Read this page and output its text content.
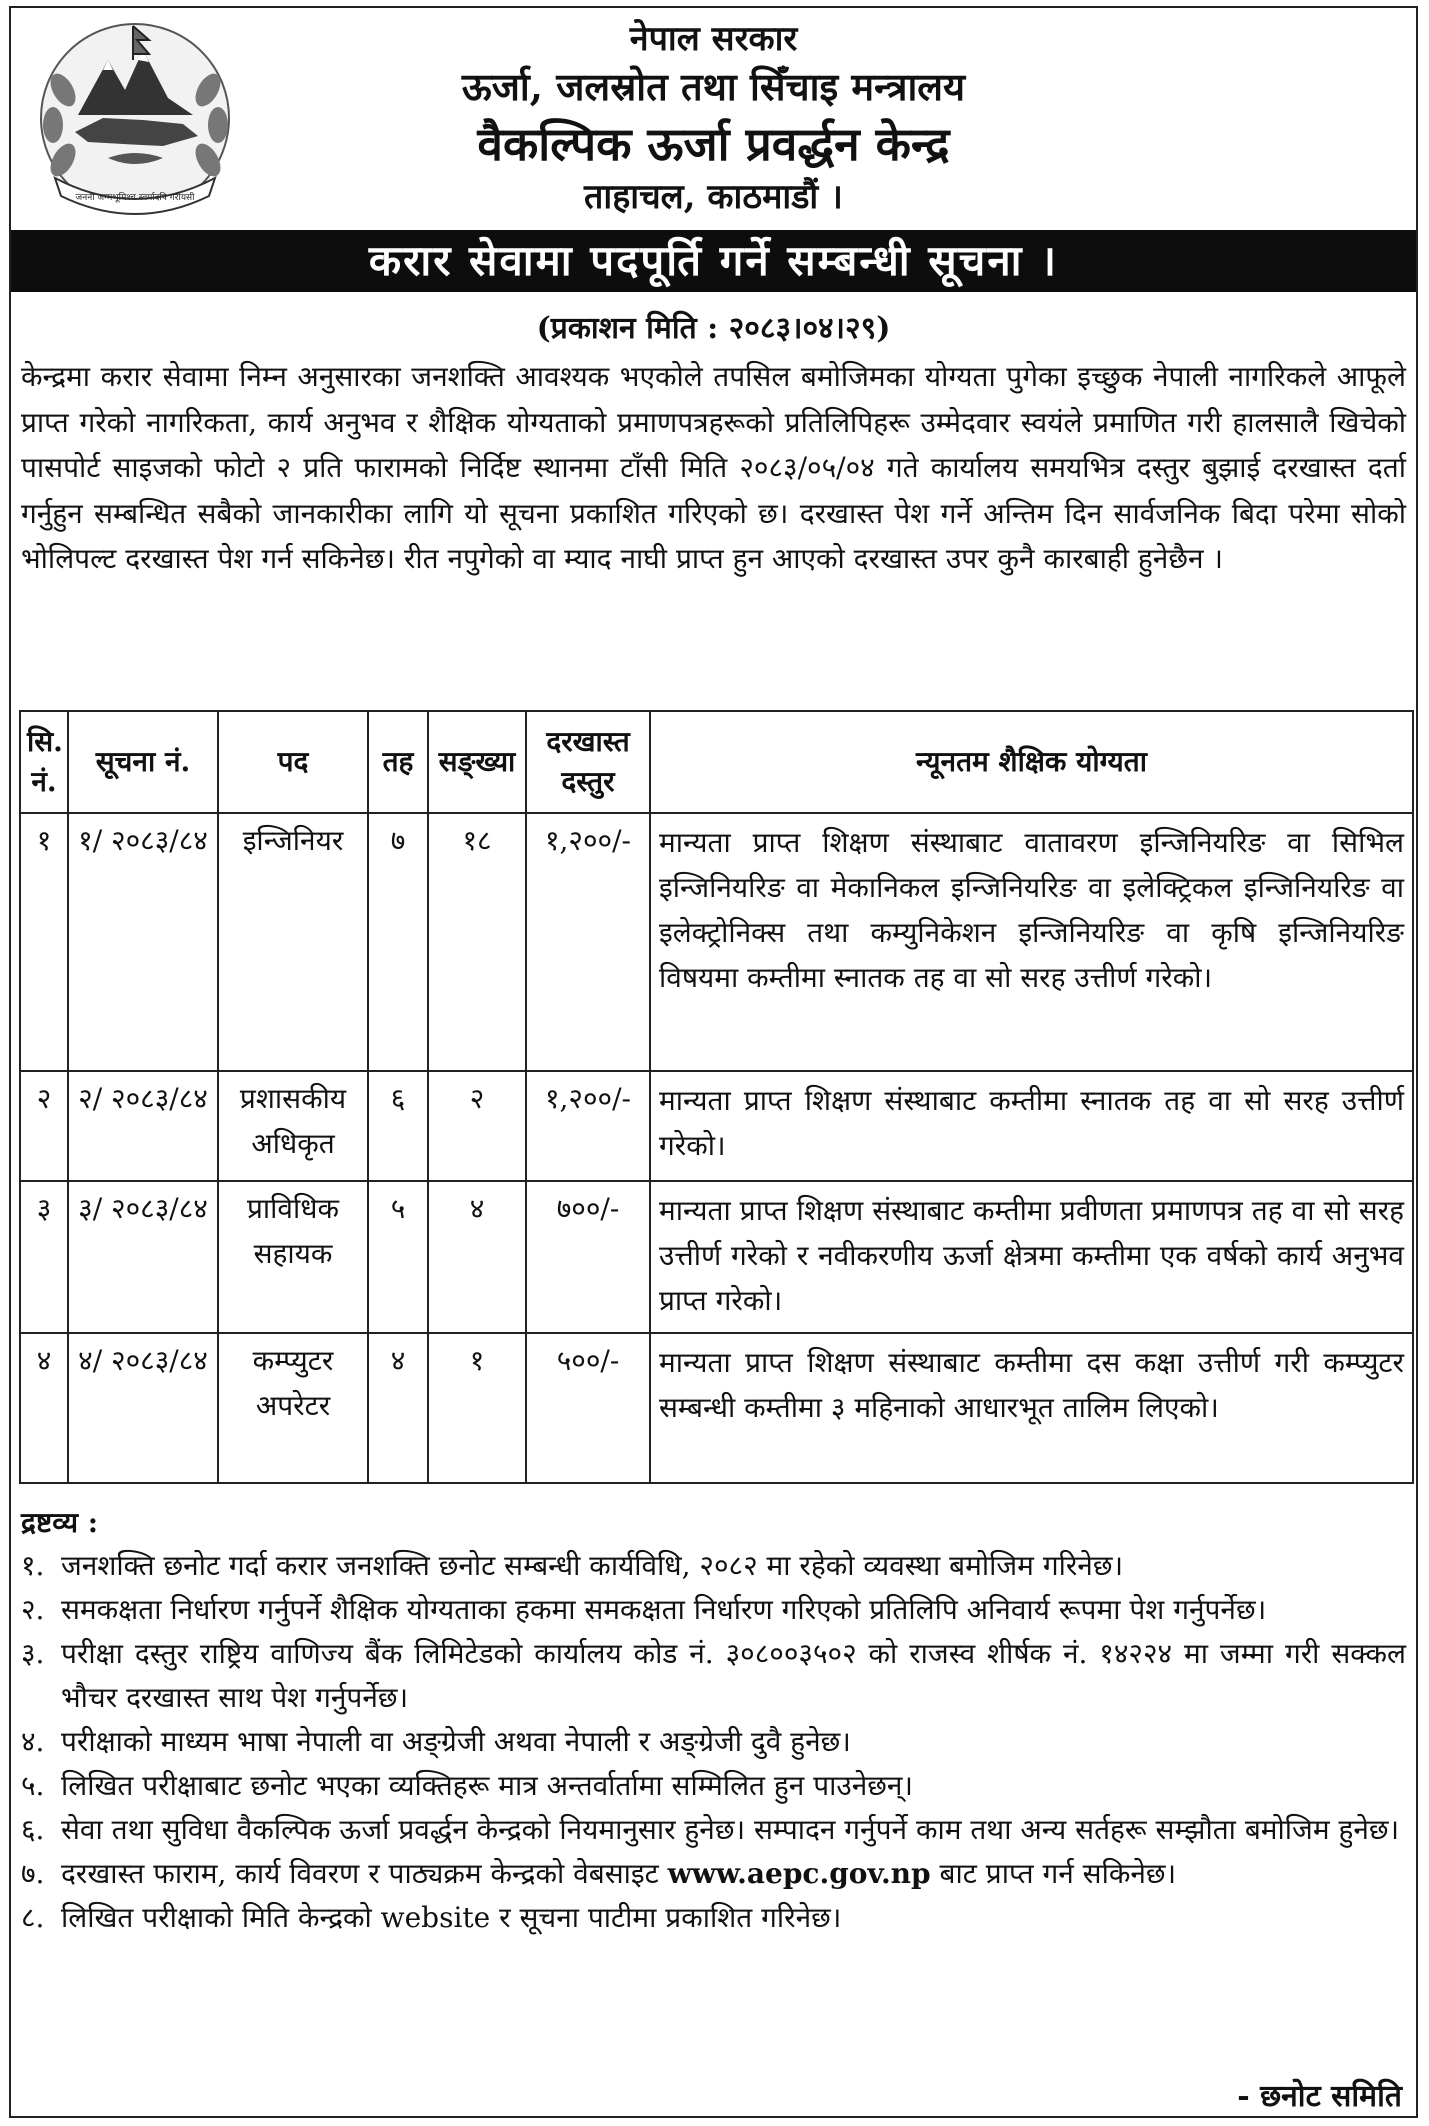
जननी जन्मभूमिश्च स्वर्गादपि गरीयसी
नेपाल सरकार
ऊर्जा, जलस्रोत तथा सिँचाइ मन्त्रालय
वैकल्पिक ऊर्जा प्रवर्द्धन केन्द्र
ताहाचल, काठमाडौं ।
करार सेवामा पदपूर्ति गर्ने सम्बन्धी सूचना ।
(प्रकाशन मिति : २०८३।०४।२९)
केन्द्रमा करार सेवामा निम्न अनुसारका जनशक्ति आवश्यक भएकोले तपसिल बमोजिमका योग्यता पुगेका इच्छुक नेपाली नागरिकले आफूले प्राप्त गरेको नागरिकता, कार्य अनुभव र शैक्षिक योग्यताको प्रमाणपत्रहरूको प्रतिलिपिहरू उम्मेदवार स्वयंले प्रमाणित गरी हालसालै खिचेको पासपोर्ट साइजको फोटो २ प्रति फारामको निर्दिष्ट स्थानमा टाँसी मिति २०८३/०५/०४ गते कार्यालय समयभित्र दस्तुर बुझाई दरखास्त दर्ता गर्नुहुन सम्बन्धित सबैको जानकारीका लागि यो सूचना प्रकाशित गरिएको छ। दरखास्त पेश गर्ने अन्तिम दिन सार्वजनिक बिदा परेमा सोको भोलिपल्ट दरखास्त पेश गर्न सकिनेछ। रीत नपुगेको वा म्याद नाघी प्राप्त हुन आएको दरखास्त उपर कुनै कारबाही हुनेछैन ।
सि. नं.	सूचना नं.	पद	तह	सङ्ख्या	दरखास्त दस्तुर	न्यूनतम शैक्षिक योग्यता
१	१/ २०८३/८४	इन्जिनियर	७	१८	१,२००/-	मान्यता प्राप्त शिक्षण संस्थाबाट वातावरण इन्जिनियरिङ वा सिभिल इन्जिनियरिङ वा मेकानिकल इन्जिनियरिङ वा इलेक्ट्रिकल इन्जिनियरिङ वा इलेक्ट्रोनिक्स तथा कम्युनिकेशन इन्जिनियरिङ वा कृषि इन्जिनियरिङ विषयमा कम्तीमा स्नातक तह वा सो सरह उत्तीर्ण गरेको।
२	२/ २०८३/८४	प्रशासकीय अधिकृत	६	२	१,२००/-	मान्यता प्राप्त शिक्षण संस्थाबाट कम्तीमा स्नातक तह वा सो सरह उत्तीर्ण गरेको।
३	३/ २०८३/८४	प्राविधिक सहायक	५	४	७००/-	मान्यता प्राप्त शिक्षण संस्थाबाट कम्तीमा प्रवीणता प्रमाणपत्र तह वा सो सरह उत्तीर्ण गरेको र नवीकरणीय ऊर्जा क्षेत्रमा कम्तीमा एक वर्षको कार्य अनुभव प्राप्त गरेको।
४	४/ २०८३/८४	कम्प्युटर अपरेटर	४	१	५००/-	मान्यता प्राप्त शिक्षण संस्थाबाट कम्तीमा दस कक्षा उत्तीर्ण गरी कम्प्युटर सम्बन्धी कम्तीमा ३ महिनाको आधारभूत तालिम लिएको।
द्रष्टव्य :
१. जनशक्ति छनोट गर्दा करार जनशक्ति छनोट सम्बन्धी कार्यविधि, २०८२ मा रहेको व्यवस्था बमोजिम गरिनेछ।
२. समकक्षता निर्धारण गर्नुपर्ने शैक्षिक योग्यताका हकमा समकक्षता निर्धारण गरिएको प्रतिलिपि अनिवार्य रूपमा पेश गर्नुपर्नेछ।
३. परीक्षा दस्तुर राष्ट्रिय वाणिज्य बैंक लिमिटेडको कार्यालय कोड नं. ३०८००३५०२ को राजस्व शीर्षक नं. १४२२४ मा जम्मा गरी सक्कल भौचर दरखास्त साथ पेश गर्नुपर्नेछ।
४. परीक्षाको माध्यम भाषा नेपाली वा अङ्ग्रेजी अथवा नेपाली र अङ्ग्रेजी दुवै हुनेछ।
५. लिखित परीक्षाबाट छनोट भएका व्यक्तिहरू मात्र अन्तर्वार्तामा सम्मिलित हुन पाउनेछन्।
६. सेवा तथा सुविधा वैकल्पिक ऊर्जा प्रवर्द्धन केन्द्रको नियमानुसार हुनेछ। सम्पादन गर्नुपर्ने काम तथा अन्य सर्तहरू सम्झौता बमोजिम हुनेछ।
७. दरखास्त फाराम, कार्य विवरण र पाठ्यक्रम केन्द्रको वेबसाइट www.aepc.gov.np बाट प्राप्त गर्न सकिनेछ।
८. लिखित परीक्षाको मिति केन्द्रको website र सूचना पाटीमा प्रकाशित गरिनेछ।
- छनोट समिति
